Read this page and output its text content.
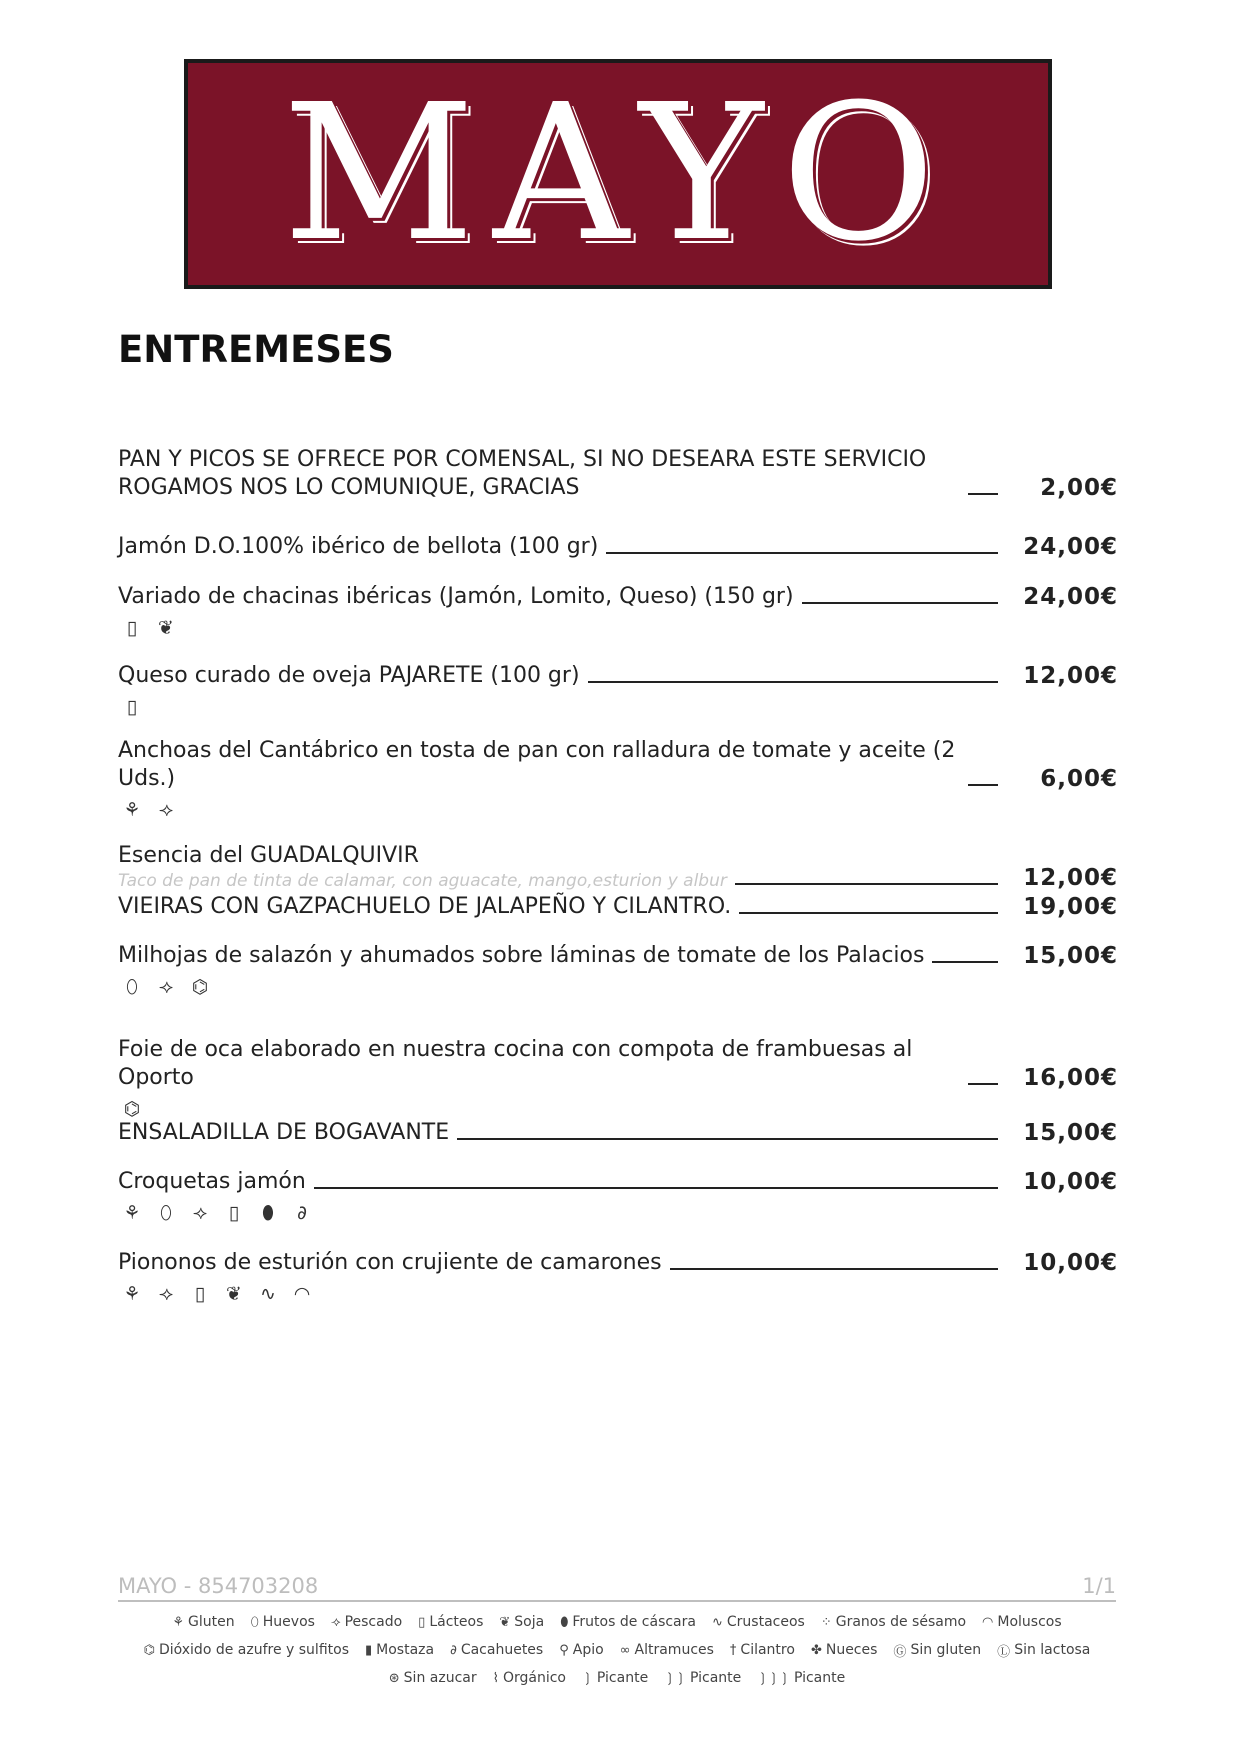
MAYO
ENTREMESES
PAN Y PICOS SE OFRECE POR COMENSAL, SI NO DESEARA ESTE SERVICIO ROGAMOS NOS LO COMUNIQUE, GRACIAS	2,00€
Jamón D.O.100% ibérico de bellota (100 gr)	24,00€
Variado de chacinas ibéricas (Jamón, Lomito, Queso) (150 gr)	24,00€
▯ ❦
Queso curado de oveja PAJARETE (100 gr)	12,00€
▯
Anchoas del Cantábrico en tosta de pan con ralladura de tomate y aceite (2 Uds.)	6,00€
⚘ ⟢
Esencia del GUADALQUIVIR
Taco de pan de tinta de calamar, con aguacate, mango,esturion y albur	12,00€
VIEIRAS CON GAZPACHUELO DE JALAPEÑO Y CILANTRO.	19,00€
Milhojas de salazón y ahumados sobre láminas de tomate de los Palacios	15,00€
⬯ ⟢ ⌬
Foie de oca elaborado en nuestra cocina con compota de frambuesas al Oporto	16,00€
⌬
ENSALADILLA DE BOGAVANTE	15,00€
Croquetas jamón	10,00€
⚘ ⬯ ⟢ ▯ ⬮ ∂
Piononos de esturión con crujiente de camarones	10,00€
⚘ ⟢ ▯ ❦ ∿ ◠
MAYO - 854703208	1/1
⚘ Gluten ⬯ Huevos ⟢ Pescado ▯ Lácteos ❦ Soja ⬮ Frutos de cáscara ∿ Crustaceos ⁘ Granos de sésamo ◠ Moluscos
⌬ Dióxido de azufre y sulfitos ▮ Mostaza ∂ Cacahuetes ⚲ Apio ∞ Altramuces † Cilantro ✤ Nueces Ⓖ Sin gluten Ⓛ Sin lactosa
⊛ Sin azucar ⌇ Orgánico ❳ Picante ❳❳ Picante ❳❳❳ Picante
